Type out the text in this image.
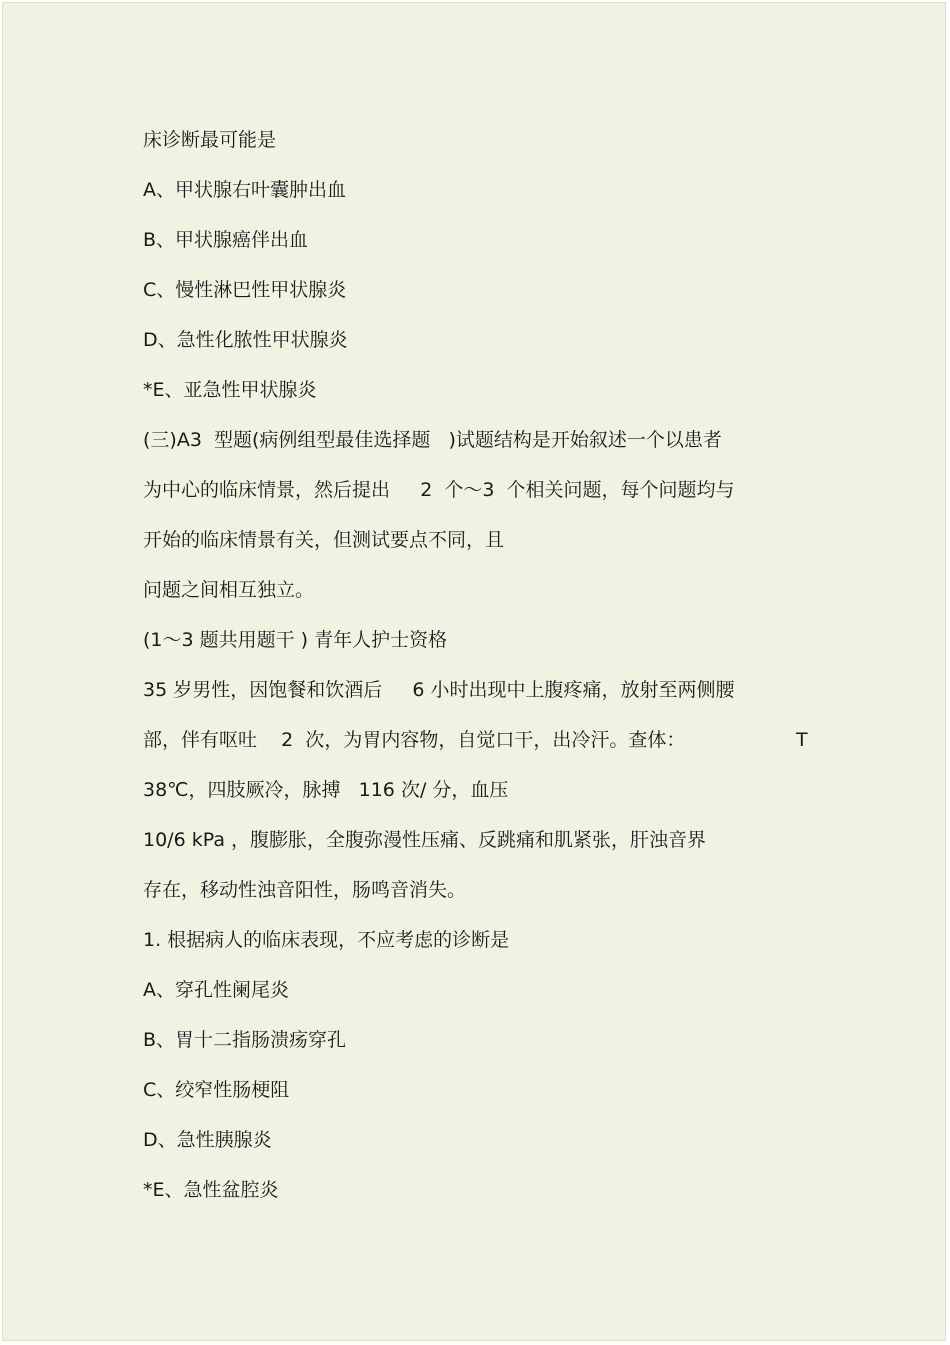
床诊断最可能是

A、甲状腺右叶囊肿出血

B、甲状腺癌伴出血

C、慢性淋巴性甲状腺炎

D、急性化脓性甲状腺炎

*E、亚急性甲状腺炎

(三)A3  型题(病例组型最佳选择题   )试题结构是开始叙述一个以患者

为中心的临床情景，然后提出     2  个～3  个相关问题，每个问题均与

开始的临床情景有关，但测试要点不同，且

问题之间相互独立。

(1～3 题共用题干 ) 青年人护士资格

35 岁男性，因饱餐和饮酒后     6 小时出现中上腹疼痛，放射至两侧腰

部，伴有呕吐    2  次，为胃内容物，自觉口干，出冷汗。查体：	T

38℃，四肢厥冷，脉搏   116 次/ 分，血压

10/6 kPa ，腹膨胀，全腹弥漫性压痛、反跳痛和肌紧张，肝浊音界

存在，移动性浊音阳性，肠鸣音消失。

1. 根据病人的临床表现，不应考虑的诊断是

A、穿孔性阑尾炎

B、胃十二指肠溃疡穿孔

C、绞窄性肠梗阻

D、急性胰腺炎

*E、急性盆腔炎
